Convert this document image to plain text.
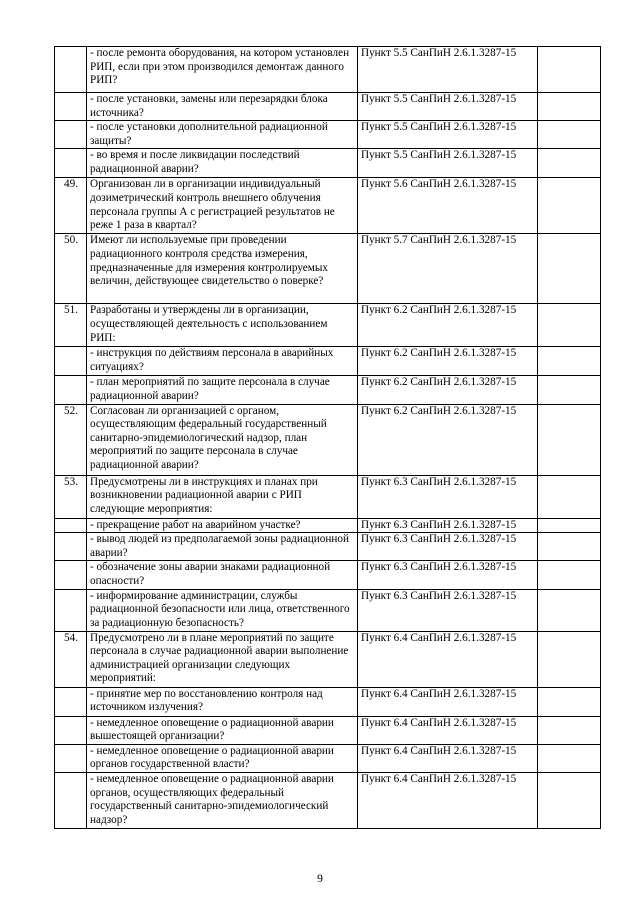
	- после ремонта оборудования, на котором установлен РИП, если при этом производился демонтаж данного РИП?	Пункт 5.5 СанПиН 2.6.1.3287-15	
	- после установки, замены или перезарядки блока источника?	Пункт 5.5 СанПиН 2.6.1.3287-15	
	- после установки дополнительной радиационной защиты?	Пункт 5.5 СанПиН 2.6.1.3287-15	
	- во время и после ликвидации последствий радиационной аварии?	Пункт 5.5 СанПиН 2.6.1.3287-15	
49.	Организован ли в организации индивидуальный дозиметрический контроль внешнего облучения персонала группы А с регистрацией результатов не реже 1 раза в квартал?	Пункт 5.6 СанПиН 2.6.1.3287-15	
50.	Имеют ли используемые при проведении радиационного контроля средства измерения, предназначенные для измерения контролируемых величин, действующее свидетельство о поверке?	Пункт 5.7 СанПиН 2.6.1.3287-15	
51.	Разработаны и утверждены ли в организации, осуществляющей деятельность с использованием РИП:	Пункт 6.2 СанПиН 2.6.1.3287-15	
	- инструкция по действиям персонала в аварийных ситуациях?	Пункт 6.2 СанПиН 2.6.1.3287-15	
	- план мероприятий по защите персонала в случае радиационной аварии?	Пункт 6.2 СанПиН 2.6.1.3287-15	
52.	Согласован ли организацией с органом, осуществляющим федеральный государственный санитарно-эпидемиологический надзор, план мероприятий по защите персонала в случае радиационной аварии?	Пункт 6.2 СанПиН 2.6.1.3287-15	
53.	Предусмотрены ли в инструкциях и планах при возникновении радиационной аварии с РИП следующие мероприятия:	Пункт 6.3 СанПиН 2.6.1.3287-15	
	- прекращение работ на аварийном участке?	Пункт 6.3 СанПиН 2.6.1.3287-15	
	- вывод людей из предполагаемой зоны радиационной аварии?	Пункт 6.3 СанПиН 2.6.1.3287-15	
	- обозначение зоны аварии знаками радиационной опасности?	Пункт 6.3 СанПиН 2.6.1.3287-15	
	- информирование администрации, службы радиационной безопасности или лица, ответственного за радиационную безопасность?	Пункт 6.3 СанПиН 2.6.1.3287-15	
54.	Предусмотрено ли в плане мероприятий по защите персонала в случае радиационной аварии выполнение администрацией организации следующих мероприятий:	Пункт 6.4 СанПиН 2.6.1.3287-15	
	- принятие мер по восстановлению контроля над источником излучения?	Пункт 6.4 СанПиН 2.6.1.3287-15	
	- немедленное оповещение о радиационной аварии вышестоящей организации?	Пункт 6.4 СанПиН 2.6.1.3287-15	
	- немедленное оповещение о радиационной аварии органов государственной власти?	Пункт 6.4 СанПиН 2.6.1.3287-15	
	- немедленное оповещение о радиационной аварии органов, осуществляющих федеральный государственный санитарно-эпидемиологический надзор?	Пункт 6.4 СанПиН 2.6.1.3287-15	
9
